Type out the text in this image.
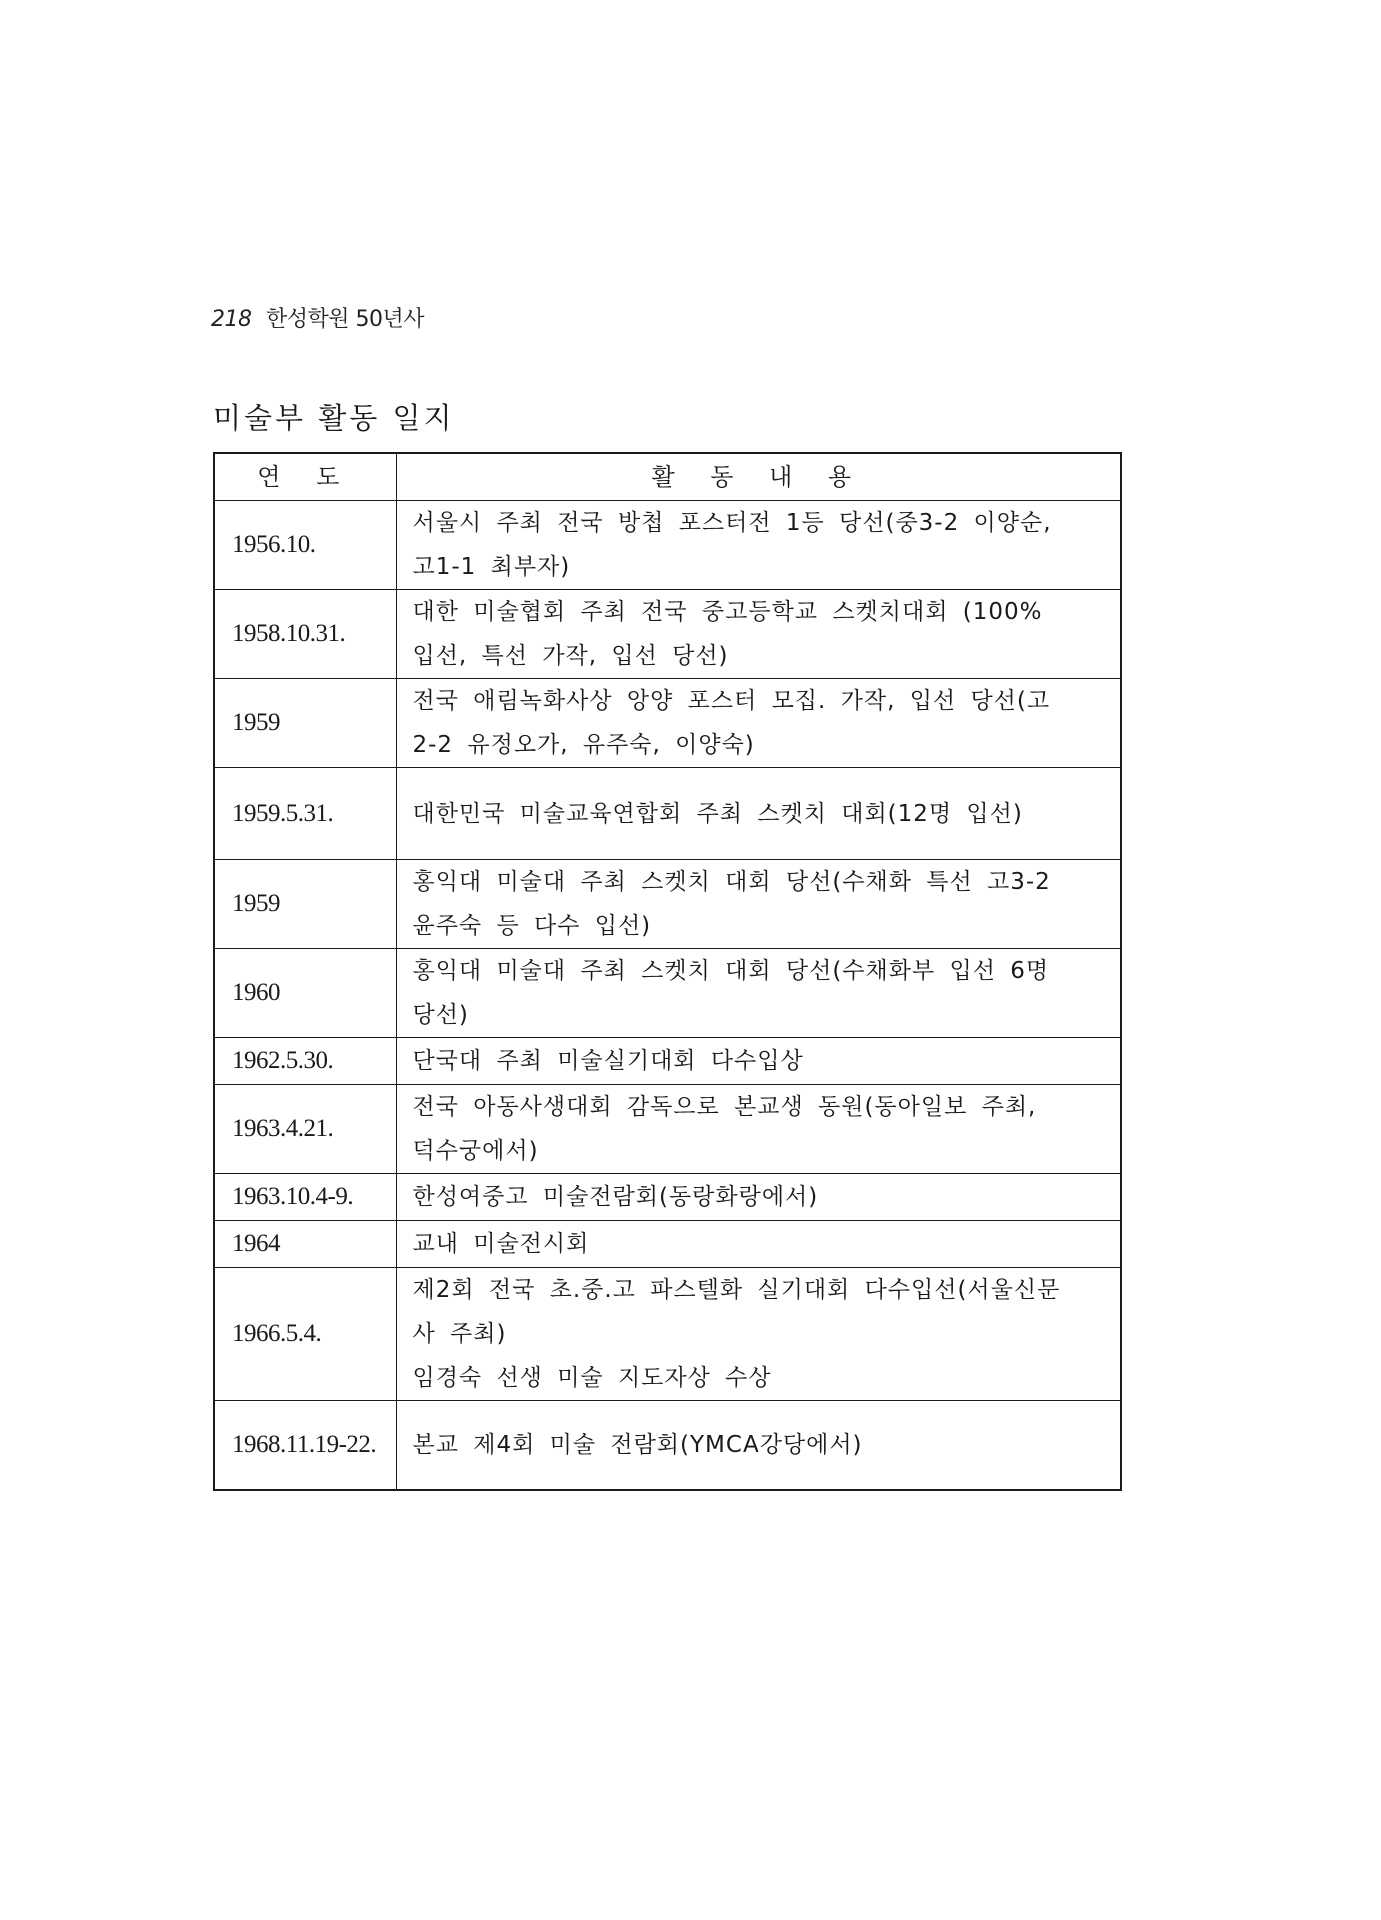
218 한성학원 50년사
미술부 활동 일지
연 도	활 동 내 용
1956.10.	서울시 주최 전국 방첩 포스터전 1등 당선(중3-2 이양순,
고1-1 최부자)

1958.10.31.	대한 미술협회 주최 전국 중고등학교 스켓치대회 (100%
입선, 특선 가작, 입선 당선)

1959	전국 애림녹화사상 앙양 포스터 모집. 가작, 입선 당선(고
2-2 유정오가, 유주숙, 이양숙)

1959.5.31.	대한민국 미술교육연합회 주최 스켓치 대회(12명 입선)

1959	홍익대 미술대 주최 스켓치 대회 당선(수채화 특선 고3-2
윤주숙 등 다수 입선)

1960	홍익대 미술대 주최 스켓치 대회 당선(수채화부 입선 6명
당선)

1962.5.30.	단국대 주최 미술실기대회 다수입상

1963.4.21.	전국 아동사생대회 감독으로 본교생 동원(동아일보 주최,
덕수궁에서)

1963.10.4-9.	한성여중고 미술전람회(동랑화랑에서)

1964	교내 미술전시회

1966.5.4.	제2회 전국 초.중.고 파스텔화 실기대회 다수입선(서울신문
사 주최)
임경숙 선생 미술 지도자상 수상

1968.11.19-22.	본교 제4회 미술 전람회(YMCA강당에서)
